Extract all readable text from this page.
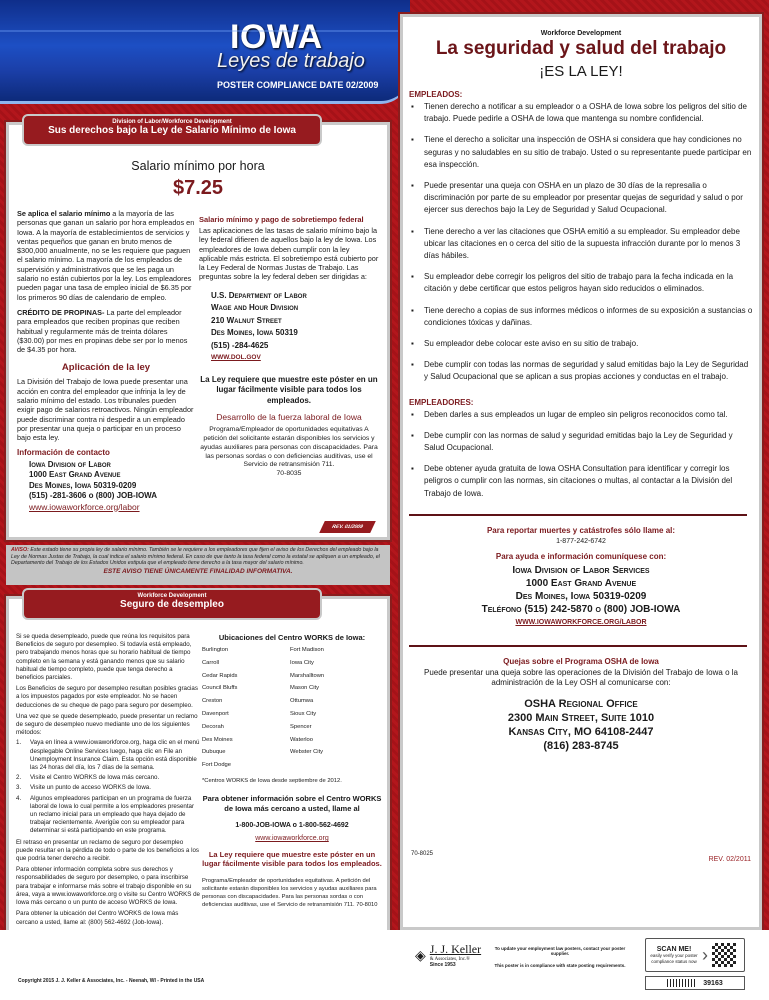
IOWA
Leyes de trabajo
POSTER COMPLIANCE DATE 02/2009
Salario mínimo por hora
$7.25

Se aplica el salario mínimo a la mayoría de las personas que ganan un salario por hora empleados en Iowa. A la mayoría de establecimientos de servicios y ventas pequeños que ganan en bruto menos de $300,000 anualmente, no se les requiere que paguen el salario mínimo. La mayoría de los empleados de supervisión y administrativos que se les paga un salario no están cubiertos por la ley. Los empleadores pueden pagar una tasa de empleo inicial de $6.35 por los primeros 90 días de calendario de empleo.

CRÉDITO DE PROPINAS- La parte del empleador para empleados que reciben propinas que reciben habitual y regularmente más de treinta dólares ($30.00) por mes en propinas debe ser por lo menos de $4.35 por hora.

Aplicación de la ley

La División del Trabajo de Iowa puede presentar una acción en contra del empleador que infrinja la ley de salario mínimo del estado. Los tribunales pueden exigir pago de salarios retroactivos. Ningún empleador puede discriminar contra ni despedir a un empleado por presentar una queja o participar en un proceso bajo esta ley.

Información de contacto
Iowa Division of Labor
1000 East Grand Avenue
Des Moines, Iowa 50319-0209
(515) -281-3606 o (800) JOB-IOWA
www.iowaworkforce.org/labor
Salario mínimo y pago de sobretiempo federal

Las aplicaciones de las tasas de salario mínimo bajo la ley federal difieren de aquellos bajo la ley de Iowa. Los empleadores de Iowa deben cumplir con la ley aplicable más estricta. El sobretiempo está cubierto por la Ley Federal de Normas Justas de Trabajo. Las preguntas sobre la ley federal deben ser dirigidas a:

U.S. Department of Labor
Wage and Hour Division
210 Walnut Street
Des Moines, Iowa 50319
(515) -284-4625
WWW.DOL.GOV
La Ley requiere que muestre este póster en un lugar fácilmente visible para todos los empleados.
Desarrollo de la fuerza laboral de Iowa
Programa/Empleador de oportunidades equitativas A petición del solicitante estarán disponibles los servicios y ayudas auxiliares para personas con discapacidades. Para las personas sordas o con deficiencias auditivas, use el Servicio de retransmisión 711.
70-8035
REV. 01/2009
Division of Labor/Workforce Development
Sus derechos bajo la Ley de Salario Mínimo de Iowa
AVISO: Este estado tiene su propia ley de salario mínimo. También se le requiere a los empleadores que fijen el aviso de los Derechos del empleado bajo la Ley de Normas Justas de Trabajo, la cual indica el salario mínimo federal. En caso de que tanto la tasa federal como la estatal se apliquen a un empleado, el Departamento del Trabajo de los Estados Unidos estipula que el empleado tiene derecho a la tasa mayor del salario mínimo.
ESTE AVISO TIENE ÚNICAMENTE FINALIDAD INFORMATIVA.

Si se queda desempleado, puede que reúna los requisitos para Beneficios de seguro por desempleo. Si todavía está empleado, pero trabajando menos horas que su horario habitual de tiempo completo en la semana y está ganando menos que su salario habitual de tiempo completo, puede que tenga derecho a beneficios parciales.

Los Beneficios de seguro por desempleo resultan posibles gracias a los impuestos pagados por este empleador. No se hacen deducciones de su cheque de pago para seguro por desempleo.

Una vez que se quede desempleado, puede presentar un reclamo de seguro de desempleo nuevo mediante uno de los siguientes métodos:

1.	Vaya en línea a www.iowaworkforce.org, haga clic en el menú desplegable Online Services luego, haga clic en File an Unemployment Insurance Claim. Esta opción está disponible las 24 horas del día, los 7 días de la semana.
2.	Visite el Centro WORKS de Iowa más cercano.
3.	Visite un punto de acceso WORKS de Iowa.
4.	Algunos empleadores participan en un programa de fuerza laboral de Iowa lo cual permite a los empleadores presentar un reclamo inicial para un empleado que haya dejado de trabajar recientemente. Averigüe con su empleador para determinar si está participando en este programa.

El retraso en presentar un reclamo de seguro por desempleo puede resultar en la pérdida de todo o parte de los beneficios a los que podría tener derecho a recibir.

Para obtener información completa sobre sus derechos y responsabilidades de seguro por desempleo, o para inscribirse para trabajar e informarse más sobre el trabajo disponible en su área, vaya a www.iowaworkforce.org o visite su Centro WORKS de Iowa más cercano o un punto de acceso WORKS de Iowa.

Para obtener la ubicación del Centro WORKS de Iowa más cercano a usted, llame al: (800) 562-4692 (Job-Iowa).

Ubicaciones del Centro WORKS de Iowa:
Burlington
Carroll
Cedar Rapids
Council Bluffs
Creston
Davenport
Decorah
Des Moines
Dubuque
Fort Dodge
Fort Madison
Iowa City
Marshalltown
Mason City
Ottumwa
Sioux City
Spencer
Waterloo
Webster City
*Centros WORKS de Iowa desde septiembre de 2012.
Para obtener información sobre el Centro WORKS de Iowa más cercano a usted, llame al
1-800-JOB-IOWA o 1-800-562-4692
www.iowaworkforce.org
La Ley requiere que muestre este póster en un lugar fácilmente visible para todos los empleados.
Programa/Empleador de oportunidades equitativas. A petición del solicitante estarán disponibles los servicios y ayudas auxiliares para personas con discapacidades. Para las personas sordas o con deficiencias auditivas, use el Servicio de retransmisión 711. 70-8010
Workforce Development
Seguro de desempleo
Workforce Development
La seguridad y salud del trabajo
¡ES LA LEY!
EMPLEADOS:
▪	Tienen derecho a notificar a su empleador o a OSHA de Iowa sobre los peligros del sitio de trabajo. Puede pedirle a OSHA de Iowa que mantenga su nombre confidencial.
▪	Tiene el derecho a solicitar una inspección de OSHA si considera que hay condiciones no seguras y no saludables en su sitio de trabajo. Usted o su representante puede participar en esa inspección.
▪	Puede presentar una queja con OSHA en un plazo de 30 días de la represalia o discriminación por parte de su empleador por presentar quejas de seguridad y salud o por ejercer sus derechos bajo la Ley de Seguridad y Salud Ocupacional.
▪	Tiene derecho a ver las citaciones que OSHA emitió a su empleador. Su empleador debe ubicar las citaciones en o cerca del sitio de la supuesta infracción durante por lo menos 3 días hábiles.
▪	Su empleador debe corregir los peligros del sitio de trabajo para la fecha indicada en la citación y debe certificar que estos peligros hayan sido reducidos o eliminados.
▪	Tiene derecho a copias de sus informes médicos o informes de su exposición a sustancias o condiciones tóxicas y dañinas.
▪	Su empleador debe colocar este aviso en su sitio de trabajo.
▪	Debe cumplir con todas las normas de seguridad y salud emitidas bajo la Ley de Seguridad y Salud Ocupacional que se aplican a sus propias acciones y conductas en el trabajo.
EMPLEADORES:
▪	Deben darles a sus empleados un lugar de empleo sin peligros reconocidos como tal.
▪	Debe cumplir con las normas de salud y seguridad emitidas bajo la Ley de Seguridad y Salud Ocupacional.
▪	Debe obtener ayuda gratuita de Iowa OSHA Consultation para identificar y corregir los peligros o cumplir con las normas, sin citaciones o multas, al contactar a la División del Trabajo de Iowa.
Para reportar muertes y catástrofes sólo llame al:
1-877-242-6742
Para ayuda e información comuníquese con:
Iowa Division of Labor Services
1000 East Grand Avenue
Des Moines, Iowa 50319-0209
Teléfono (515) 242-5870 o (800) JOB-IOWA
WWW.IOWAWORKFORCE.ORG/LABOR
Quejas sobre el Programa OSHA de Iowa
Puede presentar una queja sobre las operaciones de la División del Trabajo de Iowa o la administración de la Ley OSH al comunicarse con:
OSHA Regional Office
2300 Main Street, Suite 1010
Kansas City, MO 64108-2447
(816) 283-8745
70-8025
REV. 02/2011
Copyright 2015 J. J. Keller & Associates, Inc. - Neenah, WI - Printed in the USA
◈ J. J. Keller
& Associates, Inc.®
Since 1953
To update your employment law posters, contact your poster supplier.
This poster is in compliance with state posting requirements.
SCAN ME!
easily verify your poster compliance status now ›
39163
